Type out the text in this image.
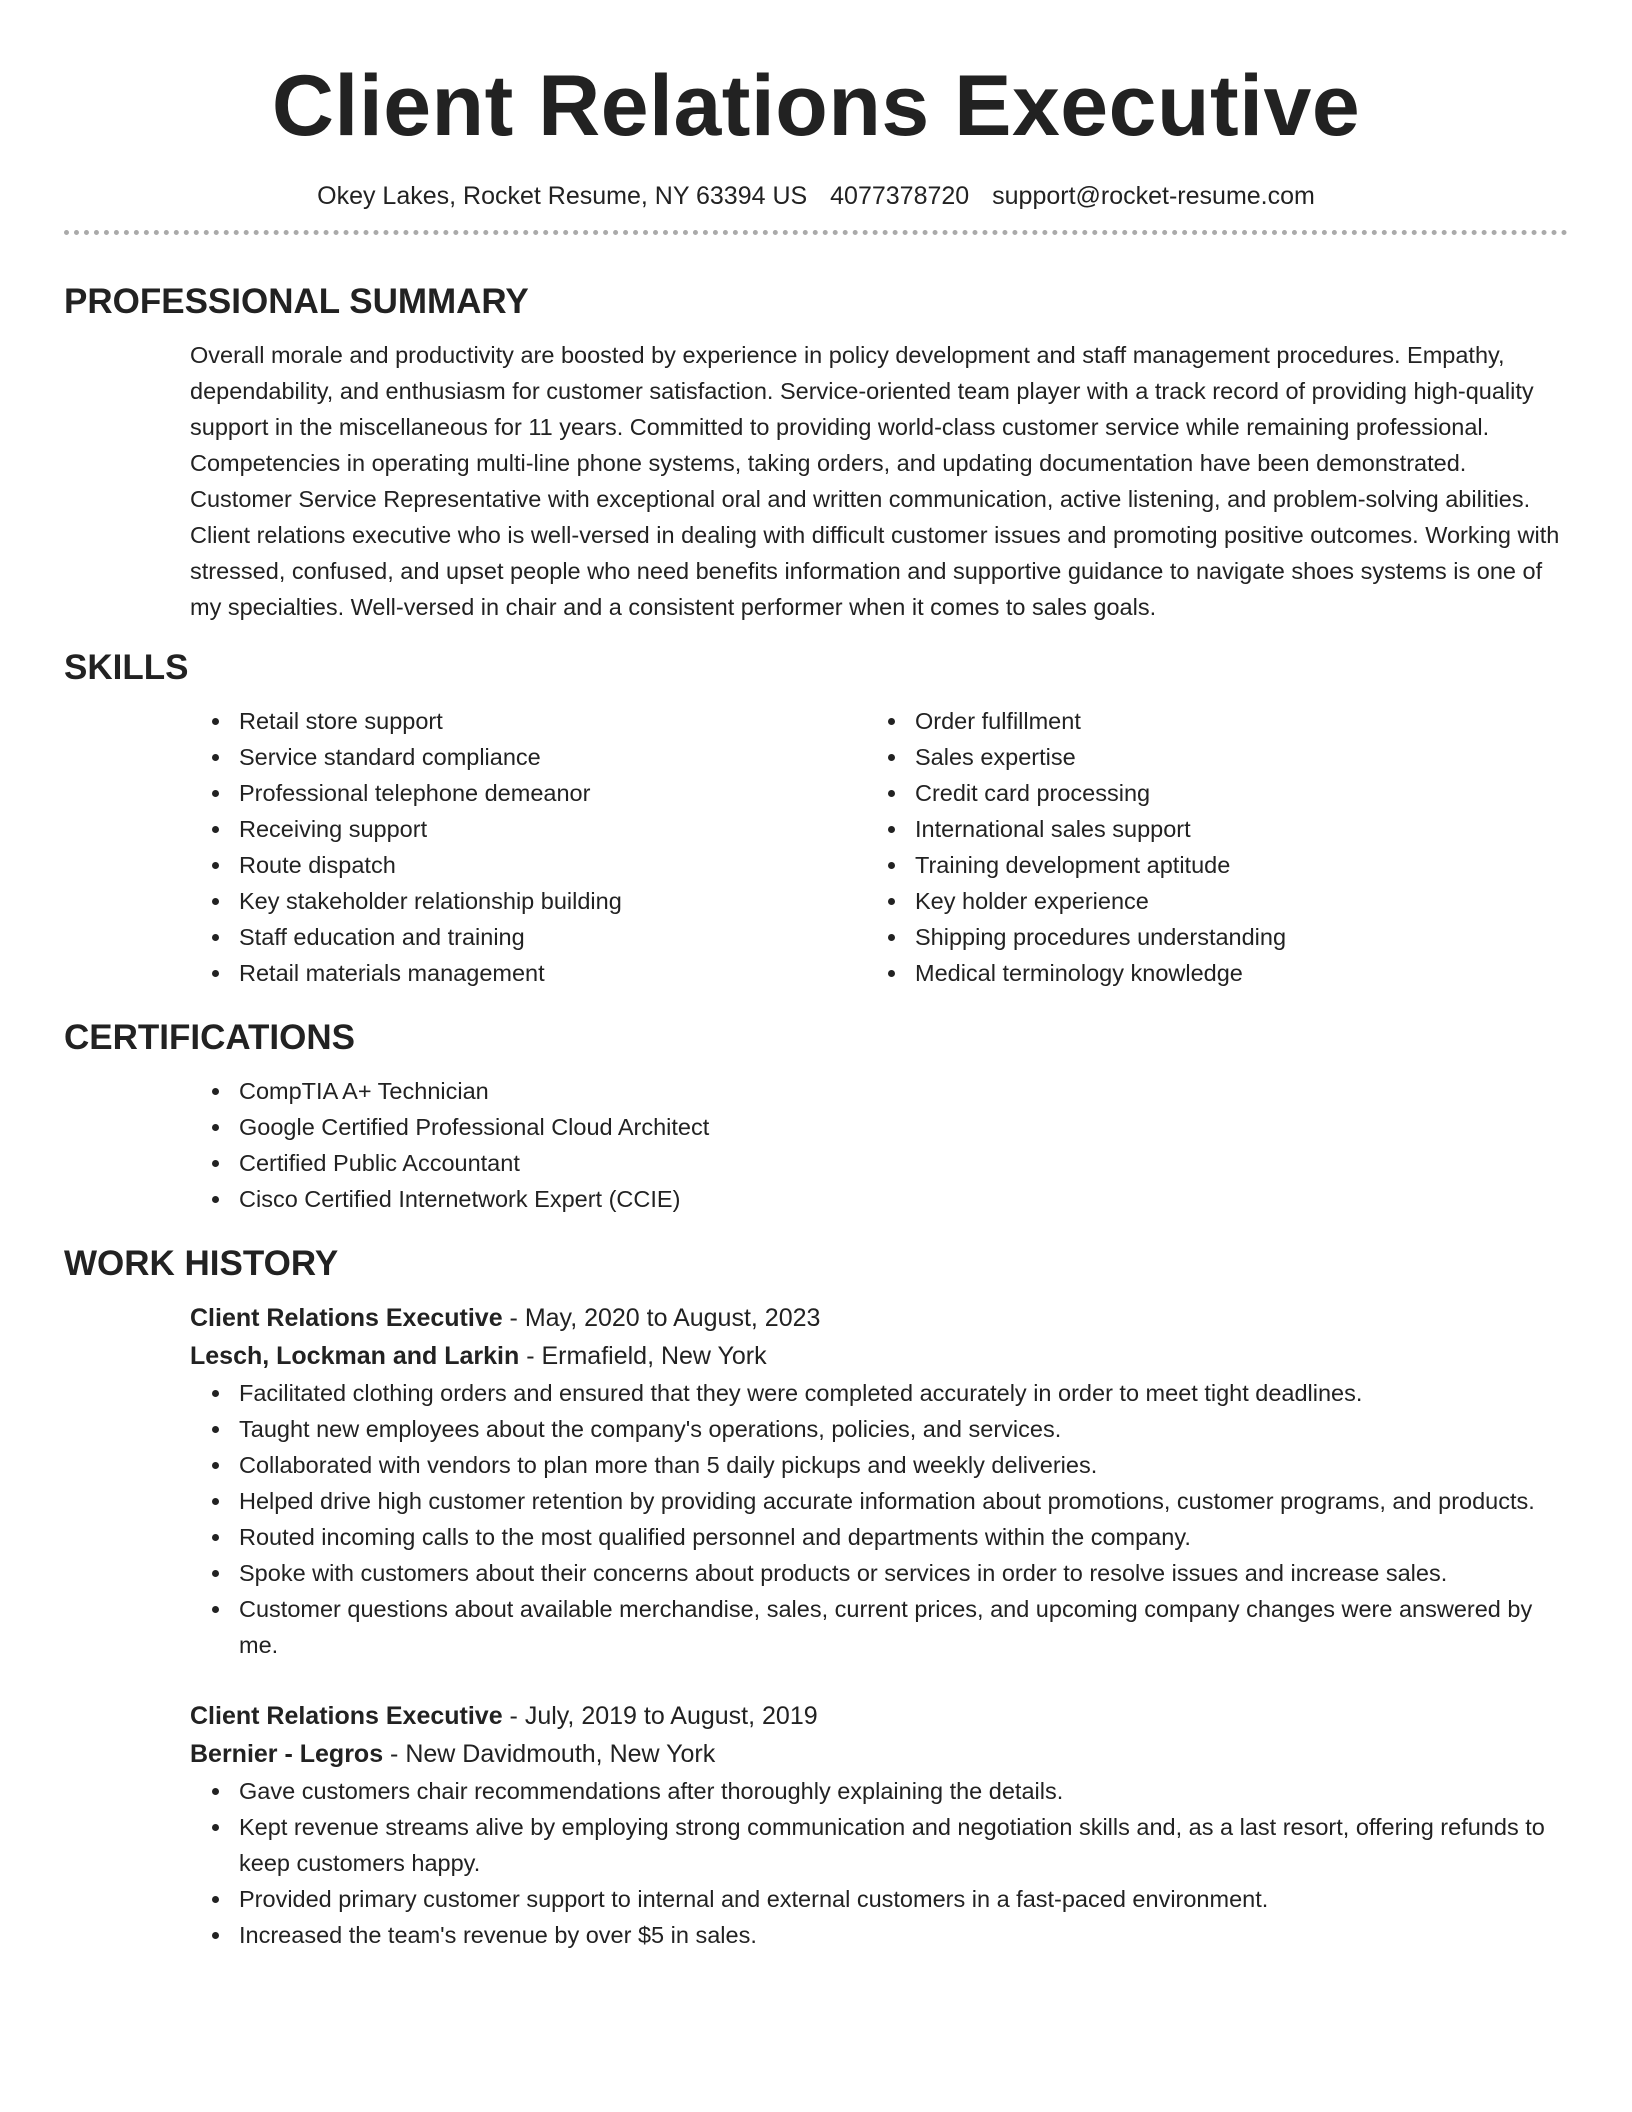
Client Relations Executive
Okey Lakes, Rocket Resume, NY 63394 US 4077378720 support@rocket-resume.com
PROFESSIONAL SUMMARY

Overall morale and productivity are boosted by experience in policy development and staff management procedures. Empathy, dependability, and enthusiasm for customer satisfaction. Service-oriented team player with a track record of providing high-quality support in the miscellaneous for 11 years. Committed to providing world-class customer service while remaining professional. Competencies in operating multi-line phone systems, taking orders, and updating documentation have been demonstrated. Customer Service Representative with exceptional oral and written communication, active listening, and problem-solving abilities. Client relations executive who is well-versed in dealing with difficult customer issues and promoting positive outcomes. Working with stressed, confused, and upset people who need benefits information and supportive guidance to navigate shoes systems is one of my specialties. Well-versed in chair and a consistent performer when it comes to sales goals.

SKILLS
• Retail store support
• Service standard compliance
• Professional telephone demeanor
• Receiving support
• Route dispatch
• Key stakeholder relationship building
• Staff education and training
• Retail materials management
• Order fulfillment
• Sales expertise
• Credit card processing
• International sales support
• Training development aptitude
• Key holder experience
• Shipping procedures understanding
• Medical terminology knowledge
CERTIFICATIONS
• CompTIA A+ Technician
• Google Certified Professional Cloud Architect
• Certified Public Accountant
• Cisco Certified Internetwork Expert (CCIE)
WORK HISTORY
Client Relations Executive - May, 2020 to August, 2023
Lesch, Lockman and Larkin - Ermafield, New York
• Facilitated clothing orders and ensured that they were completed accurately in order to meet tight deadlines.
• Taught new employees about the company's operations, policies, and services.
• Collaborated with vendors to plan more than 5 daily pickups and weekly deliveries.
• Helped drive high customer retention by providing accurate information about promotions, customer programs, and products.
• Routed incoming calls to the most qualified personnel and departments within the company.
• Spoke with customers about their concerns about products or services in order to resolve issues and increase sales.
• Customer questions about available merchandise, sales, current prices, and upcoming company changes were answered by me.
Client Relations Executive - July, 2019 to August, 2019
Bernier - Legros - New Davidmouth, New York
• Gave customers chair recommendations after thoroughly explaining the details.
• Kept revenue streams alive by employing strong communication and negotiation skills and, as a last resort, offering refunds to keep customers happy.
• Provided primary customer support to internal and external customers in a fast-paced environment.
• Increased the team's revenue by over $5 in sales.
